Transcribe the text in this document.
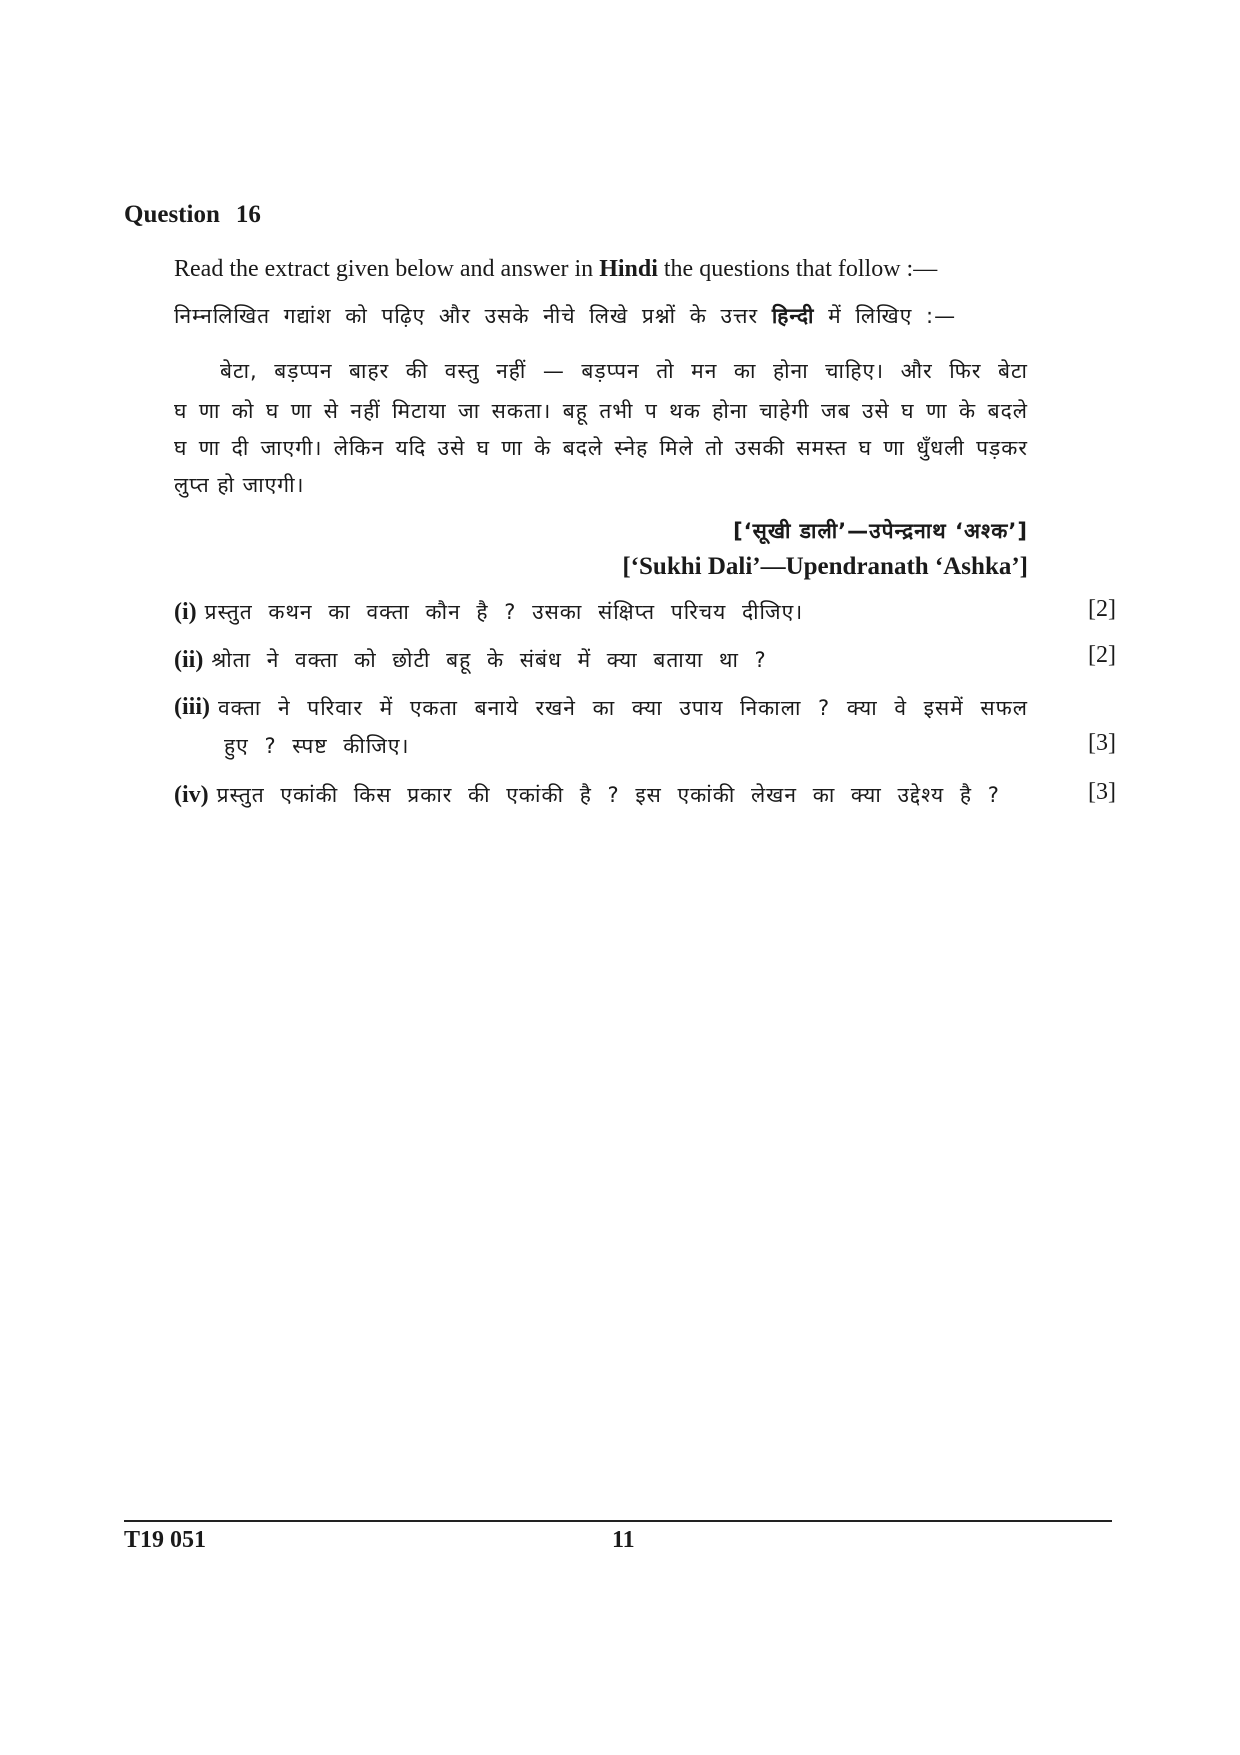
Question 16
Read the extract given below and answer in Hindi the questions that follow :—
निम्नलिखित गद्यांश को पढ़िए और उसके नीचे लिखे प्रश्नों के उत्तर हिन्दी में लिखिए :—
बेटा, बड़प्पन बाहर की वस्तु नहीं — बड़प्पन तो मन का होना चाहिए। और फिर बेटा
घ णा को घ णा से नहीं मिटाया जा सकता। बहू तभी प थक होना चाहेगी जब उसे घ णा के बदले
घ णा दी जाएगी। लेकिन यदि उसे घ णा के बदले स्नेह मिले तो उसकी समस्त घ णा धुँधली पड़कर
लुप्त हो जाएगी।
[‘सूखी डाली’—उपेन्द्रनाथ ‘अश्क’]
[‘Sukhi Dali’—Upendranath ‘Ashka’]
(i) प्रस्तुत कथन का वक्ता कौन है ? उसका संक्षिप्त परिचय दीजिए।	[2]
(ii) श्रोता ने वक्ता को छोटी बहू के संबंध में क्या बताया था ?	[2]
(iii) वक्ता ने परिवार में एकता बनाये रखने का क्या उपाय निकाला ? क्या वे इसमें सफल
हुए ? स्पष्ट कीजिए।	[3]
(iv) प्रस्तुत एकांकी किस प्रकार की एकांकी है ? इस एकांकी लेखन का क्या उद्देश्य है ?	[3]
T19 051	11
